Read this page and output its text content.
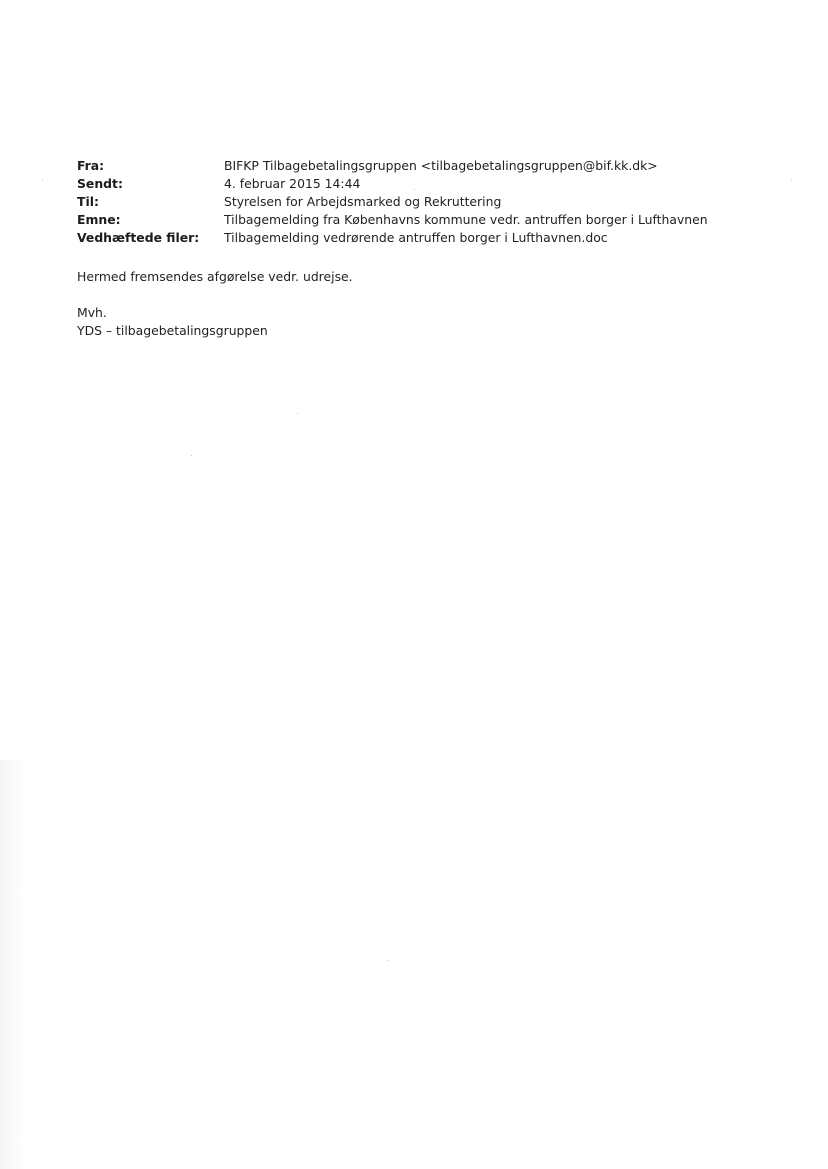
Fra:	BIFKP Tilbagebetalingsgruppen <tilbagebetalingsgruppen@bif.kk.dk>
Sendt:	4. februar 2015 14:44
Til:	Styrelsen for Arbejdsmarked og Rekruttering
Emne:	Tilbagemelding fra Københavns kommune vedr. antruffen borger i Lufthavnen
Vedhæftede filer:	Tilbagemelding vedrørende antruffen borger i Lufthavnen.doc

Hermed fremsendes afgørelse vedr. udrejse.

Mvh.

YDS – tilbagebetalingsgruppen
